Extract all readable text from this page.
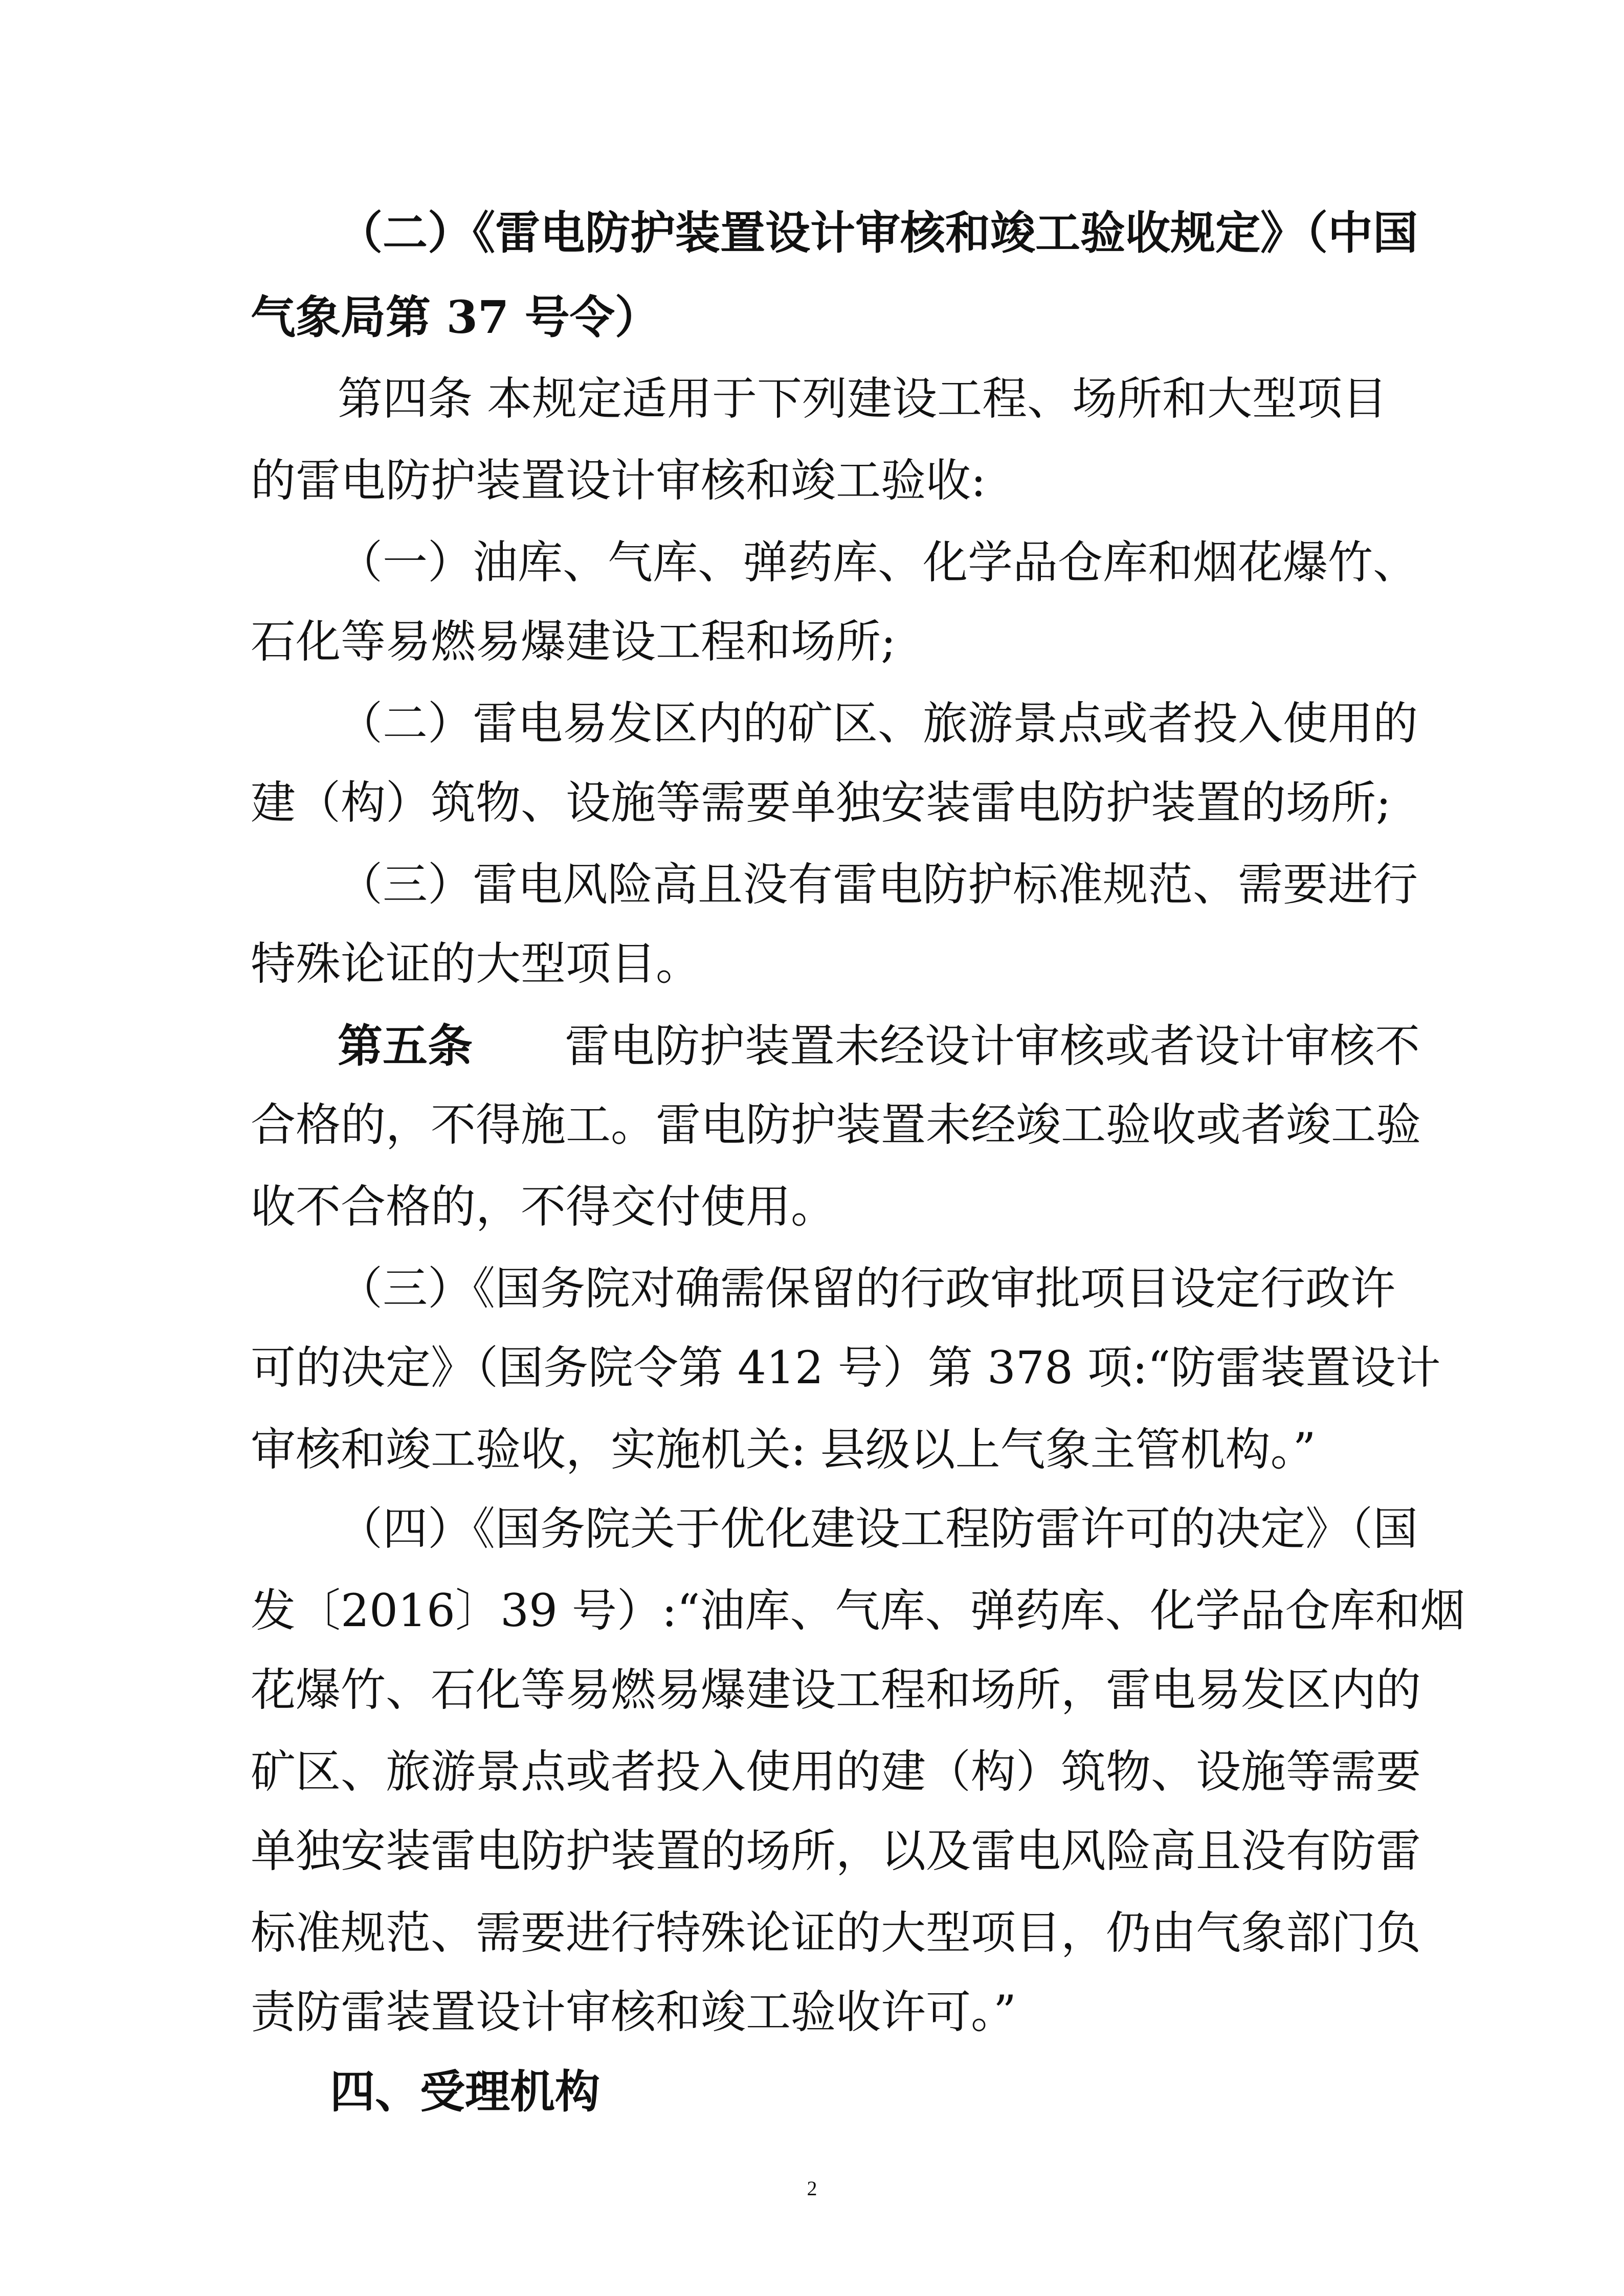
（二）《雷电防护装置设计审核和竣工验收规定》（中国
气象局第 37 号令）
第四条 本规定适用于下列建设工程、场所和大型项目
的雷电防护装置设计审核和竣工验收:
（一）油库、气库、弹药库、化学品仓库和烟花爆竹、
石化等易燃易爆建设工程和场所;
（二）雷电易发区内的矿区、旅游景点或者投入使用的
建（构）筑物、设施等需要单独安装雷电防护装置的场所;
（三）雷电风险高且没有雷电防护标准规范、需要进行
特殊论证的大型项目。
第五条 雷电防护装置未经设计审核或者设计审核不
合格的，不得施工。雷电防护装置未经竣工验收或者竣工验
收不合格的，不得交付使用。
（三）《国务院对确需保留的行政审批项目设定行政许
可的决定》（国务院令第 412 号）第 378 项:“防雷装置设计
审核和竣工验收，实施机关: 县级以上气象主管机构。”
（四）《国务院关于优化建设工程防雷许可的决定》（国
发〔2016〕39 号）:“油库、气库、弹药库、化学品仓库和烟
花爆竹、石化等易燃易爆建设工程和场所，雷电易发区内的
矿区、旅游景点或者投入使用的建（构）筑物、设施等需要
单独安装雷电防护装置的场所，以及雷电风险高且没有防雷
标准规范、需要进行特殊论证的大型项目，仍由气象部门负
责防雷装置设计审核和竣工验收许可。”
四、受理机构
2
